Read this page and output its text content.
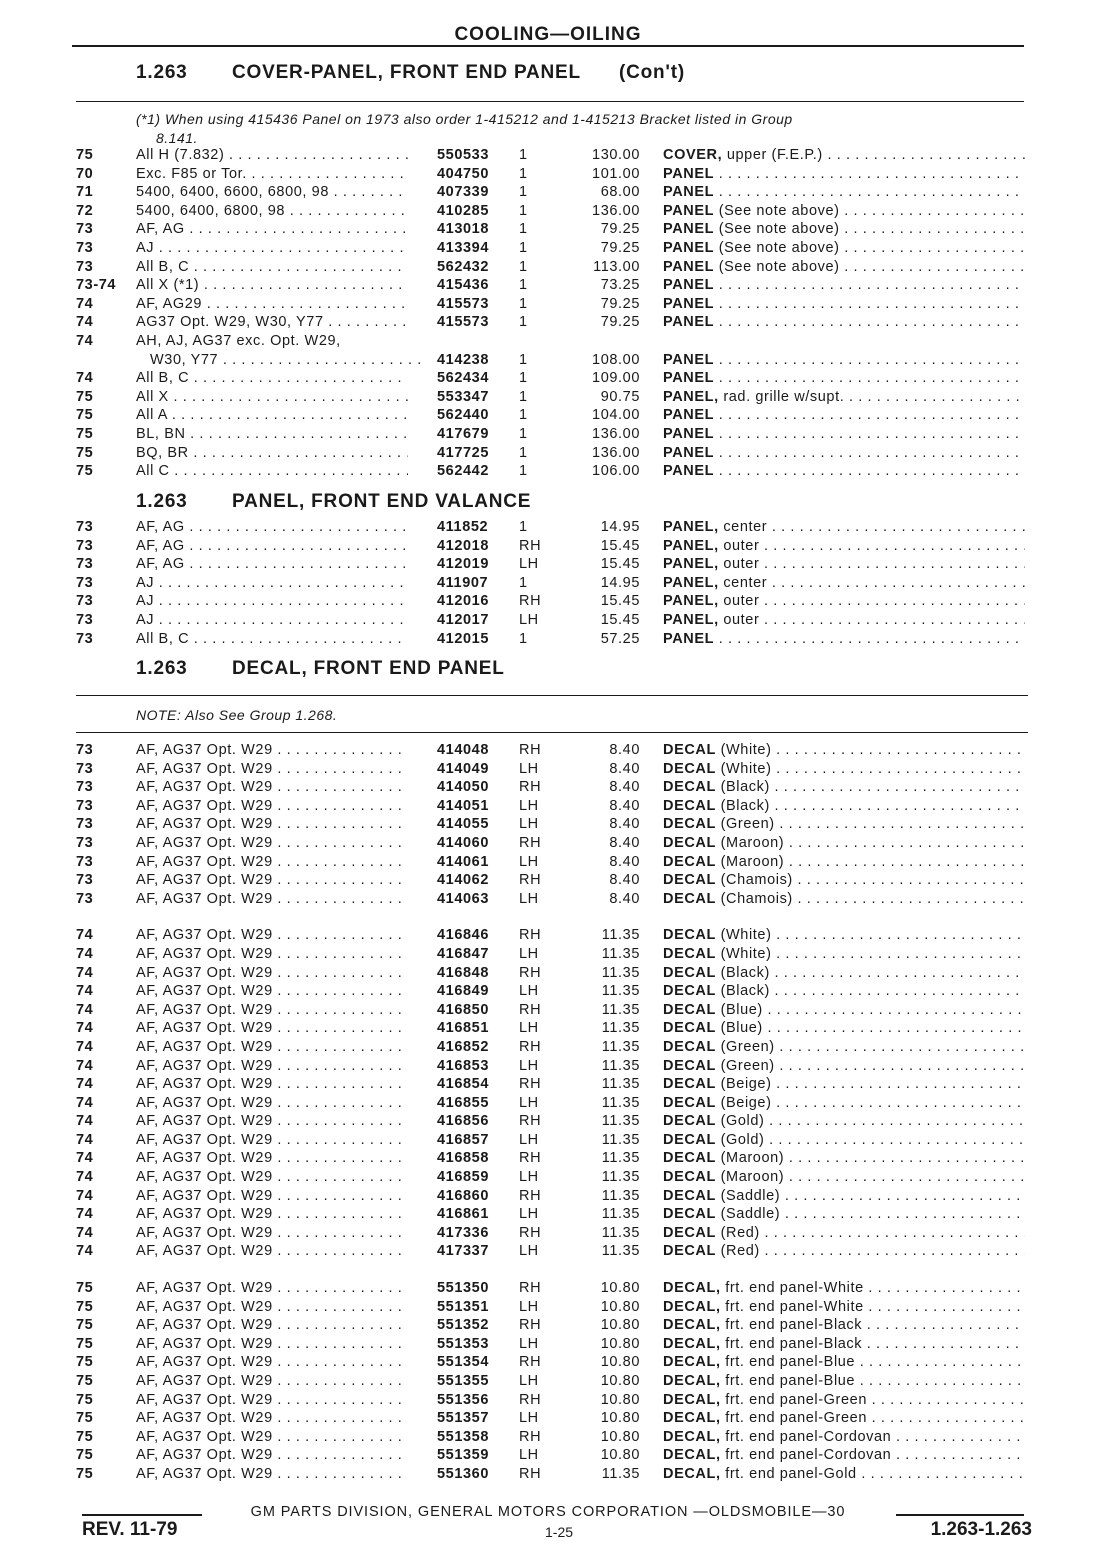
COOLING—OILING
1.263 COVER-PANEL, FRONT END PANEL (Con't)
(*1) When using 415436 Panel on 1973 also order 1-415212 and 1-415213 Bracket listed in Group
8.141.
75	All H (7.832) . . .	550533 1	130.00 COVER, upper (F.E.P.) . . .
70	Exc. F85 or Tor. . . .	404750 1	101.00 PANEL . . .
71	5400, 6400, 6600, 6800, 98 . . .	407339 1	68.00 PANEL . . .
72	5400, 6400, 6800, 98 . . .	410285 1	136.00 PANEL (See note above) . . .
73	AF, AG . . .	413018 1	79.25 PANEL (See note above) . . .
73	AJ . . .	413394 1	79.25 PANEL (See note above) . . .
73	All B, C . . .	562432 1	113.00 PANEL (See note above) . . .
73-74 All X (*1) . . .	415436 1	73.25 PANEL . . .
74	AF, AG29 . . .	415573 1	79.25 PANEL . . .
74	AG37 Opt. W29, W30, Y77 . . .	415573 1	79.25 PANEL . . .
74	AH, AJ, AG37 exc. Opt. W29,
W30, Y77 . . .	414238 1	108.00 PANEL . . .
74	All B, C . . .	562434 1	109.00 PANEL . . .
75	All X . . .	553347 1	90.75 PANEL, rad. grille w/supt. . . .
75	All A . . .	562440 1	104.00 PANEL . . .
75	BL, BN . . .	417679 1	136.00 PANEL . . .
75	BQ, BR . . .	417725 1	136.00 PANEL . . .
75	All C . . .	562442 1	106.00 PANEL . . .
1.263 PANEL, FRONT END VALANCE
73	AF, AG . . .	411852 1	14.95 PANEL, center . . .
73	AF, AG . . .	412018 RH	15.45 PANEL, outer . . .
73	AF, AG . . .	412019 LH	15.45 PANEL, outer . . .
73	AJ . . .	411907 1	14.95 PANEL, center . . .
73	AJ . . .	412016 RH	15.45 PANEL, outer . . .
73	AJ . . .	412017 LH	15.45 PANEL, outer . . .
73	All B, C . . .	412015 1	57.25 PANEL . . .
1.263 DECAL, FRONT END PANEL
NOTE: Also See Group 1.268.
73	AF, AG37 Opt. W29 . . .	414048 RH	8.40 DECAL (White) . . .
73	AF, AG37 Opt. W29 . . .	414049 LH	8.40 DECAL (White) . . .
73	AF, AG37 Opt. W29 . . .	414050 RH	8.40 DECAL (Black) . . .
73	AF, AG37 Opt. W29 . . .	414051 LH	8.40 DECAL (Black) . . .
73	AF, AG37 Opt. W29 . . .	414055 LH	8.40 DECAL (Green) . . .
73	AF, AG37 Opt. W29 . . .	414060 RH	8.40 DECAL (Maroon) . . .
73	AF, AG37 Opt. W29 . . .	414061 LH	8.40 DECAL (Maroon) . . .
73	AF, AG37 Opt. W29 . . .	414062 RH	8.40 DECAL (Chamois) . . .
73	AF, AG37 Opt. W29 . . .	414063 LH	8.40 DECAL (Chamois) . . .
74	AF, AG37 Opt. W29 . . .	416846 RH	11.35 DECAL (White) . . .
74	AF, AG37 Opt. W29 . . .	416847 LH	11.35 DECAL (White) . . .
74	AF, AG37 Opt. W29 . . .	416848 RH	11.35 DECAL (Black) . . .
74	AF, AG37 Opt. W29 . . .	416849 LH	11.35 DECAL (Black) . . .
74	AF, AG37 Opt. W29 . . .	416850 RH	11.35 DECAL (Blue) . . .
74	AF, AG37 Opt. W29 . . .	416851 LH	11.35 DECAL (Blue) . . .
74	AF, AG37 Opt. W29 . . .	416852 RH	11.35 DECAL (Green) . . .
74	AF, AG37 Opt. W29 . . .	416853 LH	11.35 DECAL (Green) . . .
74	AF, AG37 Opt. W29 . . .	416854 RH	11.35 DECAL (Beige) . . .
74	AF, AG37 Opt. W29 . . .	416855 LH	11.35 DECAL (Beige) . . .
74	AF, AG37 Opt. W29 . . .	416856 RH	11.35 DECAL (Gold) . . .
74	AF, AG37 Opt. W29 . . .	416857 LH	11.35 DECAL (Gold) . . .
74	AF, AG37 Opt. W29 . . .	416858 RH	11.35 DECAL (Maroon) . . .
74	AF, AG37 Opt. W29 . . .	416859 LH	11.35 DECAL (Maroon) . . .
74	AF, AG37 Opt. W29 . . .	416860 RH	11.35 DECAL (Saddle) . . .
74	AF, AG37 Opt. W29 . . .	416861 LH	11.35 DECAL (Saddle) . . .
74	AF, AG37 Opt. W29 . . .	417336 RH	11.35 DECAL (Red) . . .
74	AF, AG37 Opt. W29 . . .	417337 LH	11.35 DECAL (Red) . . .
75	AF, AG37 Opt. W29 . . .	551350 RH	10.80 DECAL, frt. end panel-White . . .
75	AF, AG37 Opt. W29 . . .	551351 LH	10.80 DECAL, frt. end panel-White . . .
75	AF, AG37 Opt. W29 . . .	551352 RH	10.80 DECAL, frt. end panel-Black . . .
75	AF, AG37 Opt. W29 . . .	551353 LH	10.80 DECAL, frt. end panel-Black . . .
75	AF, AG37 Opt. W29 . . .	551354 RH	10.80 DECAL, frt. end panel-Blue . . .
75	AF, AG37 Opt. W29 . . .	551355 LH	10.80 DECAL, frt. end panel-Blue . . .
75	AF, AG37 Opt. W29 . . .	551356 RH	10.80 DECAL, frt. end panel-Green . . .
75	AF, AG37 Opt. W29 . . .	551357 LH	10.80 DECAL, frt. end panel-Green . . .
75	AF, AG37 Opt. W29 . . .	551358 RH	10.80 DECAL, frt. end panel-Cordovan . . .
75	AF, AG37 Opt. W29 . . .	551359 LH	10.80 DECAL, frt. end panel-Cordovan . . .
75	AF, AG37 Opt. W29 . . .	551360 RH	11.35 DECAL, frt. end panel-Gold . . .
GM PARTS DIVISION, GENERAL MOTORS CORPORATION —OLDSMOBILE—30
REV. 11-79	1-25	1.263-1.263
